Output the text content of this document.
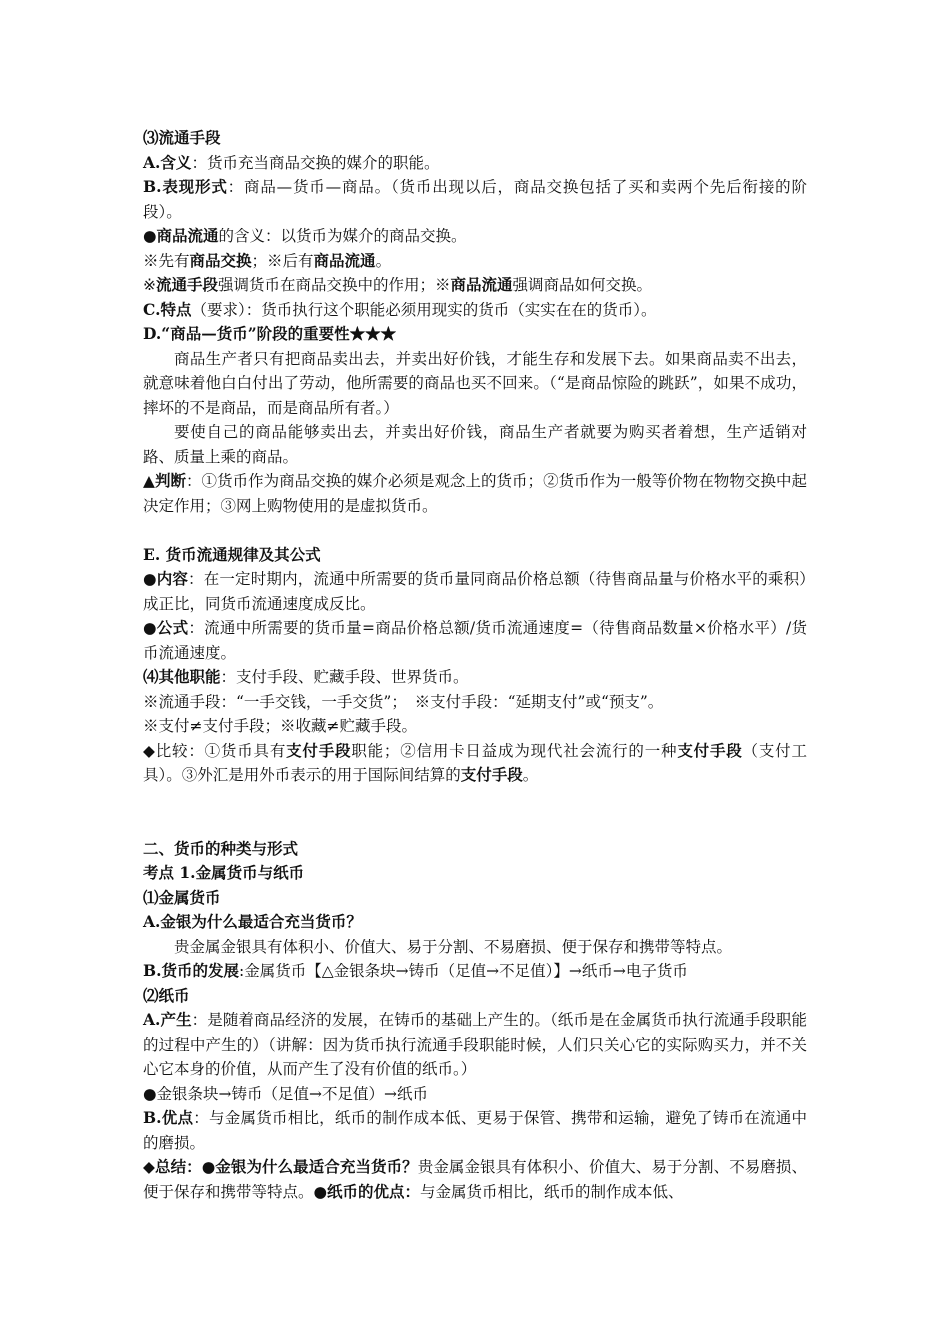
⑶流通手段
A.含义：货币充当商品交换的媒介的职能。
B.表现形式：商品—货币—商品。（货币出现以后，商品交换包括了买和卖两个先后衔接的阶段）。
●商品流通的含义：以货币为媒介的商品交换。
※先有商品交换；※后有商品流通。
※流通手段强调货币在商品交换中的作用；※商品流通强调商品如何交换。
C.特点（要求）：货币执行这个职能必须用现实的货币（实实在在的货币）。
D.“商品—货币”阶段的重要性★★★
商品生产者只有把商品卖出去，并卖出好价钱，才能生存和发展下去。如果商品卖不出去，就意味着他白白付出了劳动，他所需要的商品也买不回来。（“是商品惊险的跳跃”，如果不成功，摔坏的不是商品，而是商品所有者。）
要使自己的商品能够卖出去，并卖出好价钱，商品生产者就要为购买者着想，生产适销对路、质量上乘的商品。
▲判断：①货币作为商品交换的媒介必须是观念上的货币；②货币作为一般等价物在物物交换中起决定作用；③网上购物使用的是虚拟货币。
E. 货币流通规律及其公式
●内容：在一定时期内，流通中所需要的货币量同商品价格总额（待售商品量与价格水平的乘积）成正比，同货币流通速度成反比。
●公式：流通中所需要的货币量=商品价格总额/货币流通速度=（待售商品数量×价格水平）/货币流通速度。
⑷其他职能：支付手段、贮藏手段、世界货币。
※流通手段：“一手交钱，一手交货”；　※支付手段：“延期支付”或“预支”。
※支付≠支付手段；※收藏≠贮藏手段。
◆比较：①货币具有支付手段职能；②信用卡日益成为现代社会流行的一种支付手段（支付工具）。③外汇是用外币表示的用于国际间结算的支付手段。
二、货币的种类与形式
考点 1.金属货币与纸币
⑴金属货币
A.金银为什么最适合充当货币？
贵金属金银具有体积小、价值大、易于分割、不易磨损、便于保存和携带等特点。
B.货币的发展:金属货币【△金银条块→铸币（足值→不足值）】→纸币→电子货币
⑵纸币
A.产生：是随着商品经济的发展，在铸币的基础上产生的。（纸币是在金属货币执行流通手段职能的过程中产生的）（讲解：因为货币执行流通手段职能时候，人们只关心它的实际购买力，并不关心它本身的价值，从而产生了没有价值的纸币。）
●金银条块→铸币（足值→不足值）→纸币
B.优点：与金属货币相比，纸币的制作成本低、更易于保管、携带和运输，避免了铸币在流通中的磨损。
◆总结：●金银为什么最适合充当货币？贵金属金银具有体积小、价值大、易于分割、不易磨损、便于保存和携带等特点。●纸币的优点：与金属货币相比，纸币的制作成本低、
